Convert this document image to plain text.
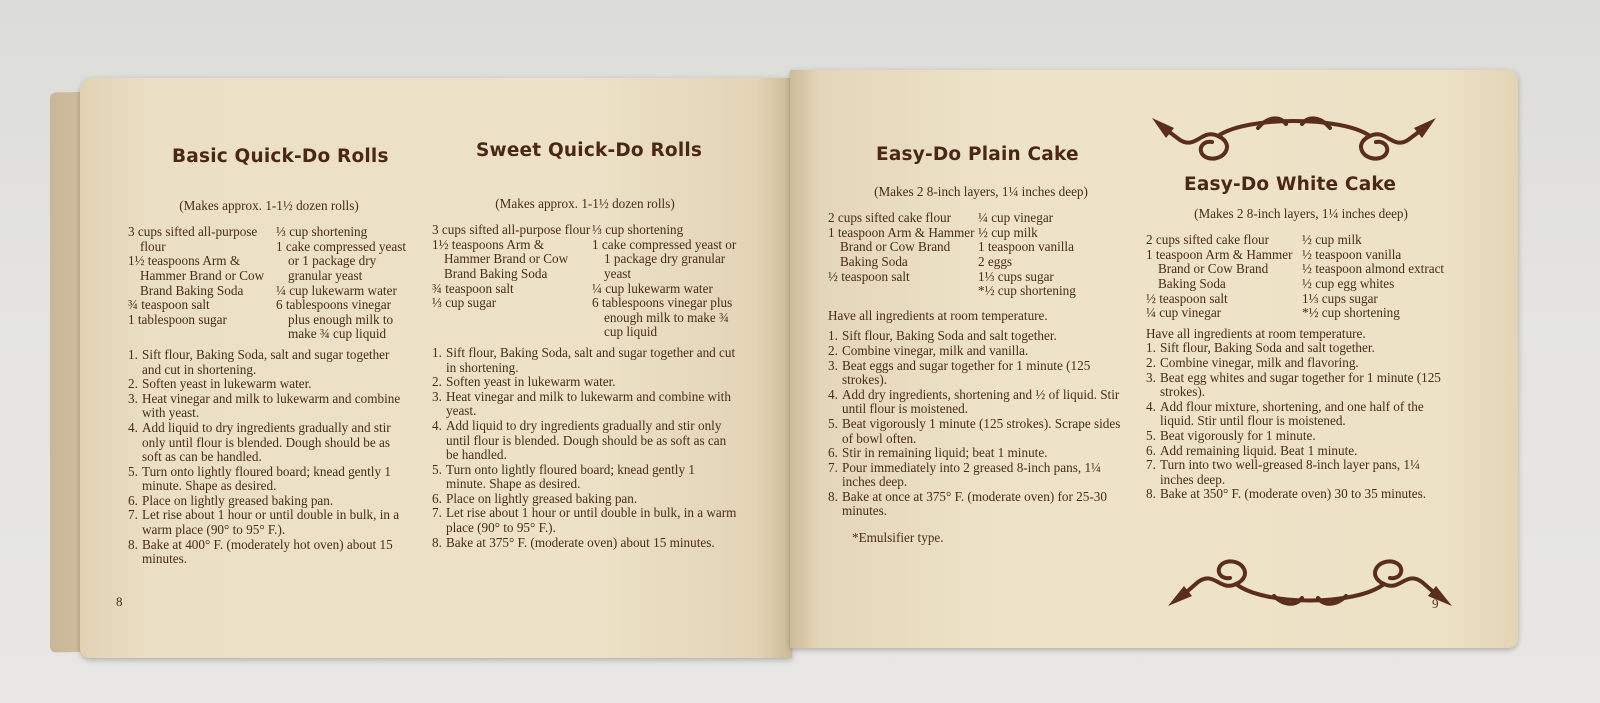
Basic Quick-Do Rolls
(Makes approx. 1-1½ dozen rolls)
3 cups sifted all-purpose flour
1½ teaspoons Arm & Hammer Brand or Cow Brand Baking Soda
¾ teaspoon salt
1 tablespoon sugar
⅓ cup shortening
1 cake compressed yeast or 1 package dry granular yeast
¼ cup lukewarm water
6 tablespoons vinegar plus enough milk to make ¾ cup liquid
1. Sift flour, Baking Soda, salt and sugar together and cut in shortening.
2. Soften yeast in lukewarm water.
3. Heat vinegar and milk to lukewarm and combine with yeast.
4. Add liquid to dry ingredients gradually and stir only until flour is blended. Dough should be as soft as can be handled.
5. Turn onto lightly floured board; knead gently 1 minute. Shape as desired.
6. Place on lightly greased baking pan.
7. Let rise about 1 hour or until double in bulk, in a warm place (90° to 95° F.).
8. Bake at 400° F. (moderately hot oven) about 15 minutes.
Sweet Quick-Do Rolls
(Makes approx. 1-1½ dozen rolls)
3 cups sifted all-purpose flour
1½ teaspoons Arm & Hammer Brand or Cow Brand Baking Soda
¾ teaspoon salt
⅓ cup sugar
⅓ cup shortening
1 cake compressed yeast or 1 package dry granular yeast
¼ cup lukewarm water
6 tablespoons vinegar plus enough milk to make ¾ cup liquid
1. Sift flour, Baking Soda, salt and sugar together and cut in shortening.
2. Soften yeast in lukewarm water.
3. Heat vinegar and milk to lukewarm and combine with yeast.
4. Add liquid to dry ingredients gradually and stir only until flour is blended. Dough should be as soft as can be handled.
5. Turn onto lightly floured board; knead gently 1 minute. Shape as desired.
6. Place on lightly greased baking pan.
7. Let rise about 1 hour or until double in bulk, in a warm place (90° to 95° F.).
8. Bake at 375° F. (moderate oven) about 15 minutes.
8
Easy-Do Plain Cake
(Makes 2 8-inch layers, 1¼ inches deep)
2 cups sifted cake flour
1 teaspoon Arm & Hammer Brand or Cow Brand Baking Soda
½ teaspoon salt
¼ cup vinegar
½ cup milk
1 teaspoon vanilla
2 eggs
1⅓ cups sugar
*½ cup shortening
Have all ingredients at room temperature.
1. Sift flour, Baking Soda and salt together.
2. Combine vinegar, milk and vanilla.
3. Beat eggs and sugar together for 1 minute (125 strokes).
4. Add dry ingredients, shortening and ½ of liquid. Stir until flour is moistened.
5. Beat vigorously 1 minute (125 strokes). Scrape sides of bowl often.
6. Stir in remaining liquid; beat 1 minute.
7. Pour immediately into 2 greased 8-inch pans, 1¼ inches deep.
8. Bake at once at 375° F. (moderate oven) for 25-30 minutes.
*Emulsifier type.
Easy-Do White Cake
(Makes 2 8-inch layers, 1¼ inches deep)
2 cups sifted cake flour
1 teaspoon Arm & Hammer Brand or Cow Brand Baking Soda
½ teaspoon salt
¼ cup vinegar
½ cup milk
½ teaspoon vanilla
½ teaspoon almond extract
½ cup egg whites
1⅓ cups sugar
*½ cup shortening
Have all ingredients at room temperature.
1. Sift flour, Baking Soda and salt together.
2. Combine vinegar, milk and flavoring.
3. Beat egg whites and sugar together for 1 minute (125 strokes).
4. Add flour mixture, shortening, and one half of the liquid. Stir until flour is moistened.
5. Beat vigorously for 1 minute.
6. Add remaining liquid. Beat 1 minute.
7. Turn into two well-greased 8-inch layer pans, 1¼ inches deep.
8. Bake at 350° F. (moderate oven) 30 to 35 minutes.
9
